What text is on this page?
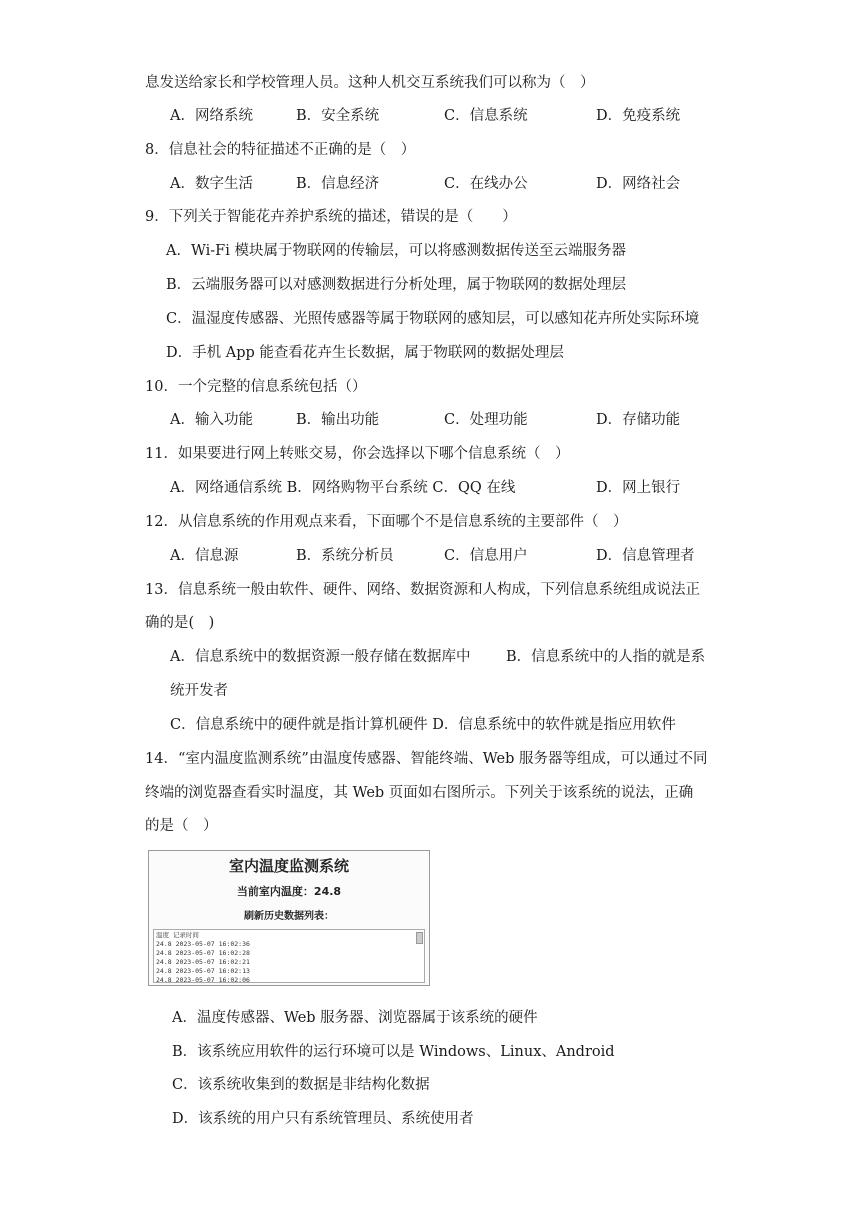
息发送给家长和学校管理人员。这种人机交互系统我们可以称为（　）
A．网络系统	B．安全系统	C．信息系统	D．免疫系统
8．信息社会的特征描述不正确的是（　）
A．数字生活	B．信息经济	C．在线办公	D．网络社会
9．下列关于智能花卉养护系统的描述，错误的是（　　）
A．Wi-Fi 模块属于物联网的传输层，可以将感测数据传送至云端服务器
B．云端服务器可以对感测数据进行分析处理，属于物联网的数据处理层
C．温湿度传感器、光照传感器等属于物联网的感知层，可以感知花卉所处实际环境
D．手机 App 能查看花卉生长数据，属于物联网的数据处理层
10．一个完整的信息系统包括（）
A．输入功能	B．输出功能	C．处理功能	D．存储功能
11．如果要进行网上转账交易，你会选择以下哪个信息系统（　）
A．网络通信系统 B．网络购物平台系统 C．QQ 在线	D．网上银行
12．从信息系统的作用观点来看，下面哪个不是信息系统的主要部件（　）
A．信息源	B．系统分析员	C．信息用户	D．信息管理者
13．信息系统一般由软件、硬件、网络、数据资源和人构成，下列信息系统组成说法正
确的是(　)
A．信息系统中的数据资源一般存储在数据库中 B．信息系统中的人指的就是系
统开发者
C．信息系统中的硬件就是指计算机硬件 D．信息系统中的软件就是指应用软件
14．“室内温度监测系统”由温度传感器、智能终端、Web 服务器等组成，可以通过不同
终端的浏览器查看实时温度，其 Web 页面如右图所示。下列关于该系统的说法，正确
的是（　）
室内温度监测系统
当前室内温度：24.8
刷新历史数据列表：
温度 记录时间
24.8 2023-05-07 16:02:36
24.8 2023-05-07 16:02:28
24.8 2023-05-07 16:02:21
24.8 2023-05-07 16:02:13
24.8 2023-05-07 16:02:06
A．温度传感器、Web 服务器、浏览器属于该系统的硬件
B．该系统应用软件的运行环境可以是 Windows、Linux、Android
C．该系统收集到的数据是非结构化数据
D．该系统的用户只有系统管理员、系统使用者
